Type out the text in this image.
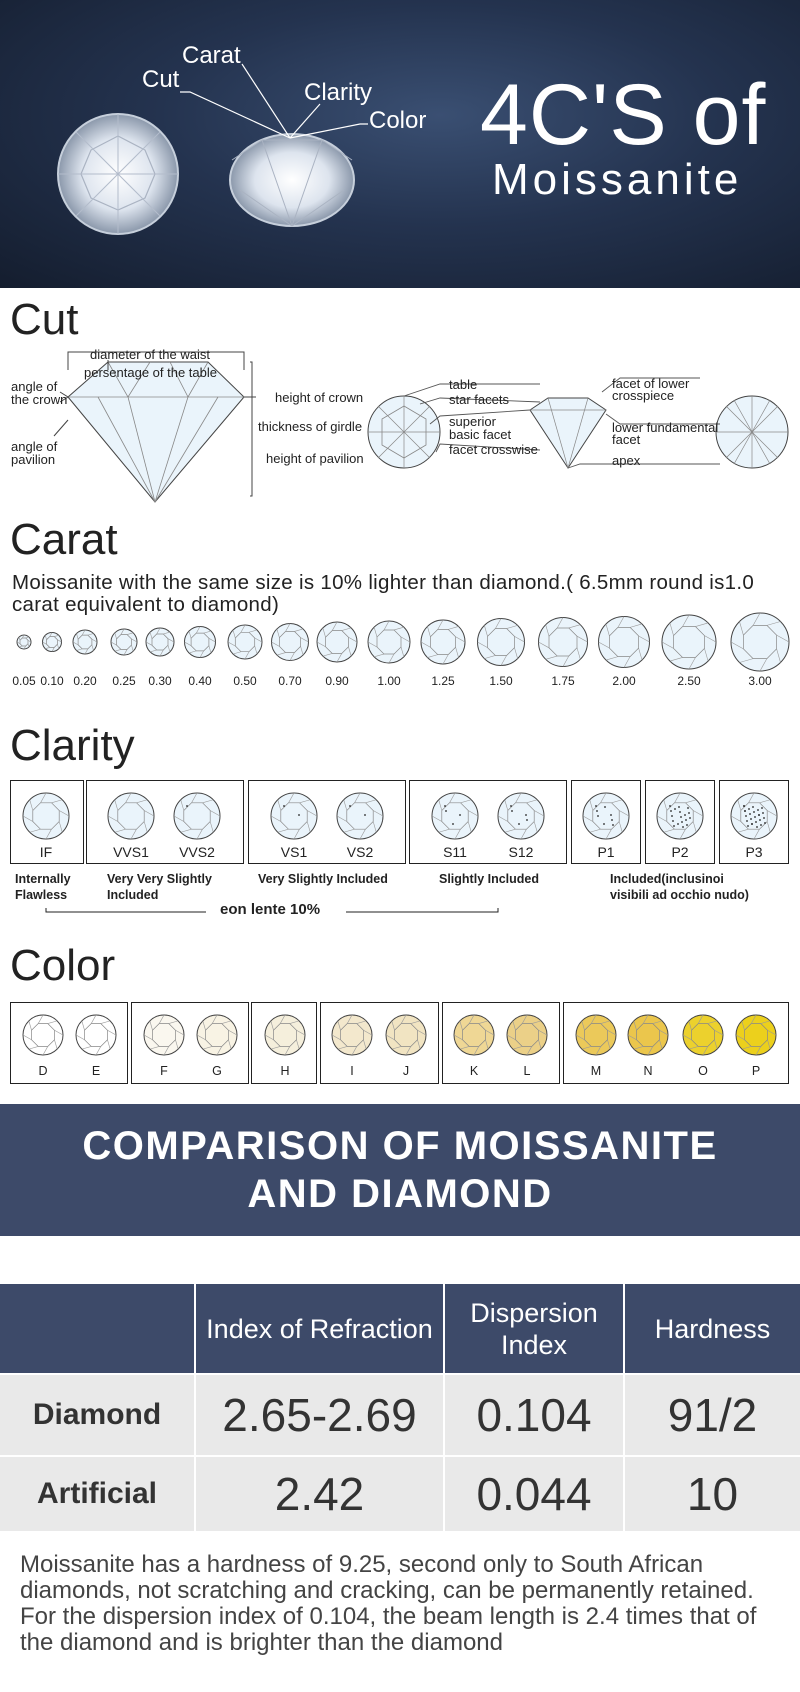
Carat
Cut	Clarity
Color 4C'S of
Moissanite
Cut
diameter of the waist
persentage of the table
angle of
the crown
angle of
pavilion
height of crown
thickness of girdle
height of pavilion
table
star facets
superior
basic facet
facet crosswise
facet of lower
crosspiece
lower fundamental
facet
apex
Carat
Moissanite with the same size is 10% lighter than diamond.( 6.5mm round is1.0 carat equivalent to diamond)
0.05 0.10 0.20 0.25 0.30 0.40 0.50 0.70 0.90 1.00	1.25	1.50	1.75	2.00	2.50	3.00
Clarity
IF	VVS1 VVS2	VS1	VS2	S11	S12	P1	P2	P3
Internally
Flawless
Very Very Slightly
Included
Very Slightly Included	Slightly Included	Included(inclusinoi
visibili ad occhio nudo)
eon lente 10%
Color
D	E	F	G	H	I	J	K	L	M	N	O	P
COMPARISON OF MOISSANITE
AND DIAMOND
	Index of Refraction	Dispersion Index	Hardness
Diamond	2.65-2.69	0.104	91/2
Artificial	2.42	0.044	10
Moissanite has a hardness of 9.25, second only to South African diamonds, not scratching and cracking, can be permanently retained. For the dispersion index of 0.104, the beam length is 2.4 times that of the diamond and is brighter than the diamond
